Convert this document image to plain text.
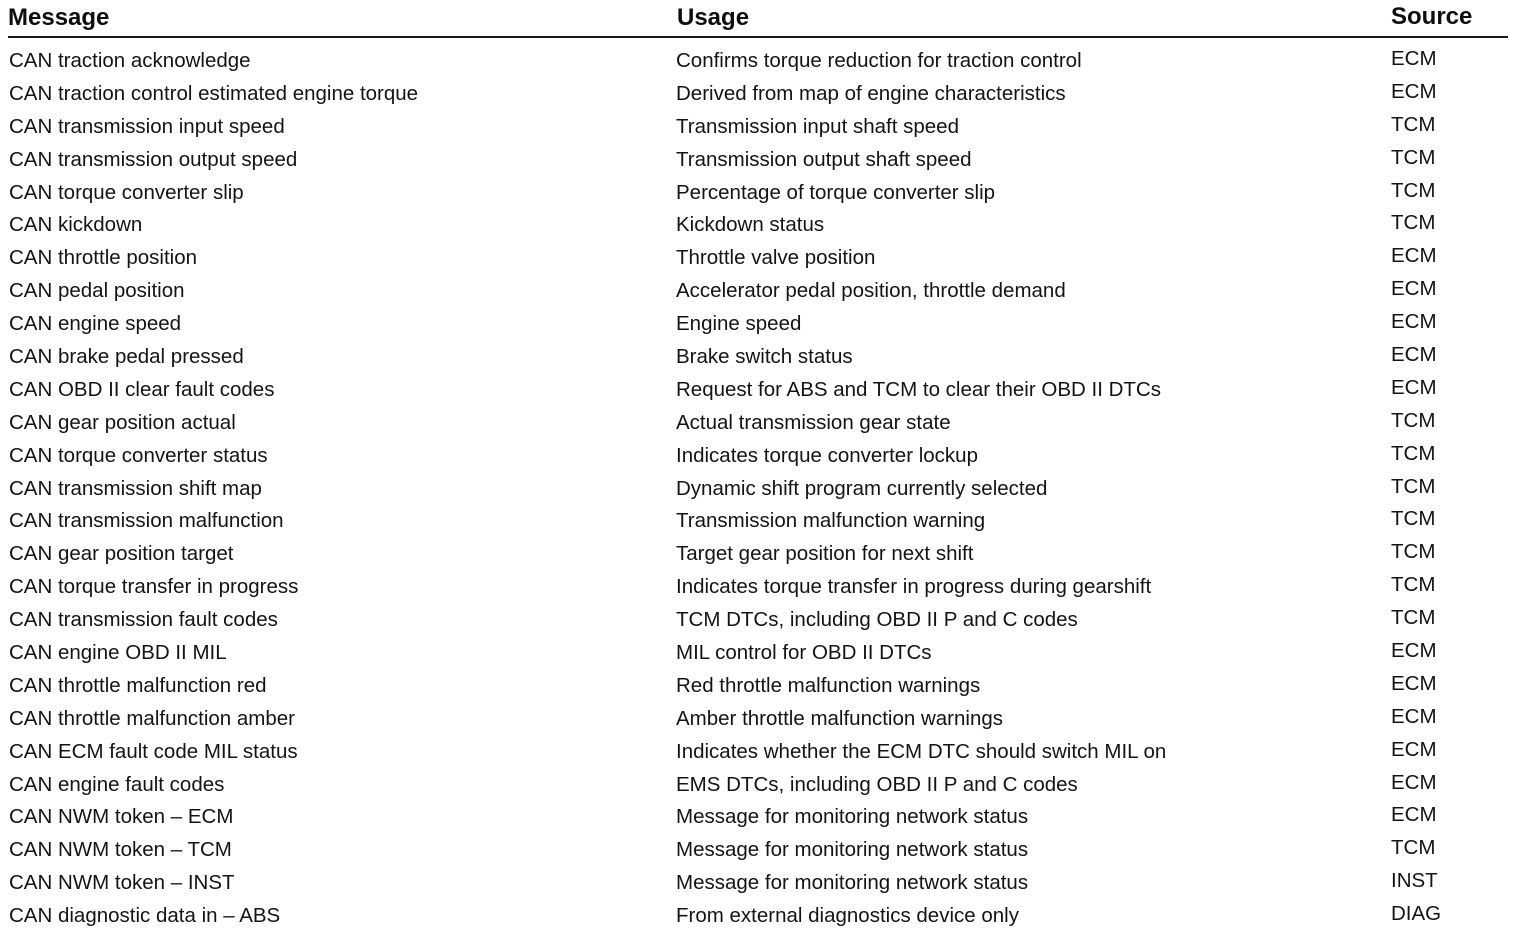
Message	Usage	Source
CAN traction acknowledge	Confirms torque reduction for traction control	ECM
CAN traction control estimated engine torque	Derived from map of engine characteristics	ECM
CAN transmission input speed	Transmission input shaft speed	TCM
CAN transmission output speed	Transmission output shaft speed	TCM
CAN torque converter slip	Percentage of torque converter slip	TCM
CAN kickdown	Kickdown status	TCM
CAN throttle position	Throttle valve position	ECM
CAN pedal position	Accelerator pedal position, throttle demand	ECM
CAN engine speed	Engine speed	ECM
CAN brake pedal pressed	Brake switch status	ECM
CAN OBD II clear fault codes	Request for ABS and TCM to clear their OBD II DTCs	ECM
CAN gear position actual	Actual transmission gear state	TCM
CAN torque converter status	Indicates torque converter lockup	TCM
CAN transmission shift map	Dynamic shift program currently selected	TCM
CAN transmission malfunction	Transmission malfunction warning	TCM
CAN gear position target	Target gear position for next shift	TCM
CAN torque transfer in progress	Indicates torque transfer in progress during gearshift	TCM
CAN transmission fault codes	TCM DTCs, including OBD II P and C codes	TCM
CAN engine OBD II MIL	MIL control for OBD II DTCs	ECM
CAN throttle malfunction red	Red throttle malfunction warnings	ECM
CAN throttle malfunction amber	Amber throttle malfunction warnings	ECM
CAN ECM fault code MIL status	Indicates whether the ECM DTC should switch MIL on	ECM
CAN engine fault codes	EMS DTCs, including OBD II P and C codes	ECM
CAN NWM token – ECM	Message for monitoring network status	ECM
CAN NWM token – TCM	Message for monitoring network status	TCM
CAN NWM token – INST	Message for monitoring network status	INST
CAN diagnostic data in – ABS	From external diagnostics device only	DIAG
